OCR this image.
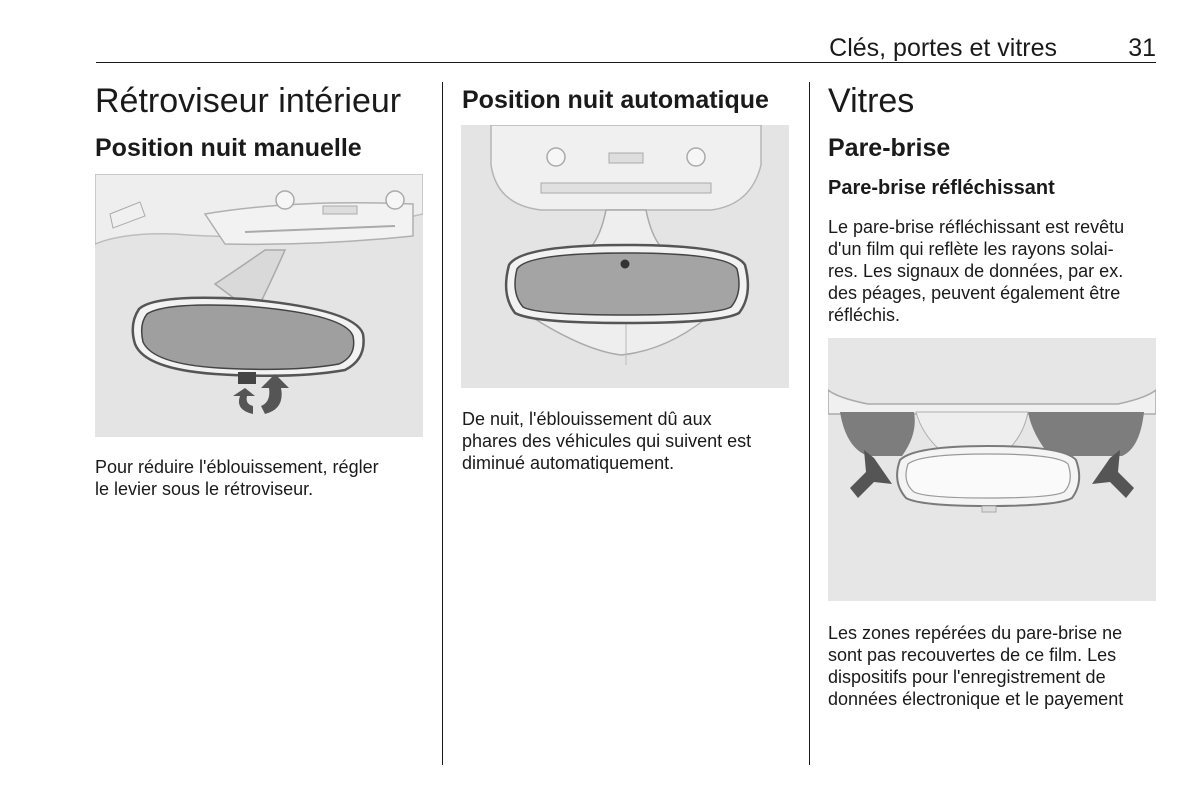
Clés, portes et vitres	31
Rétroviseur intérieur
Position nuit manuelle

Pour réduire l'éblouissement, régler
le levier sous le rétroviseur.

Position nuit automatique

De nuit, l'éblouissement dû aux
phares des véhicules qui suivent est
diminué automatiquement.

Vitres
Pare-brise
Pare-brise réfléchissant

Le pare-brise réfléchissant est revêtu
d'un film qui reflète les rayons solai-
res. Les signaux de données, par ex.
des péages, peuvent également être
réfléchis.

Les zones repérées du pare-brise ne
sont pas recouvertes de ce film. Les
dispositifs pour l'enregistrement de
données électronique et le payement
